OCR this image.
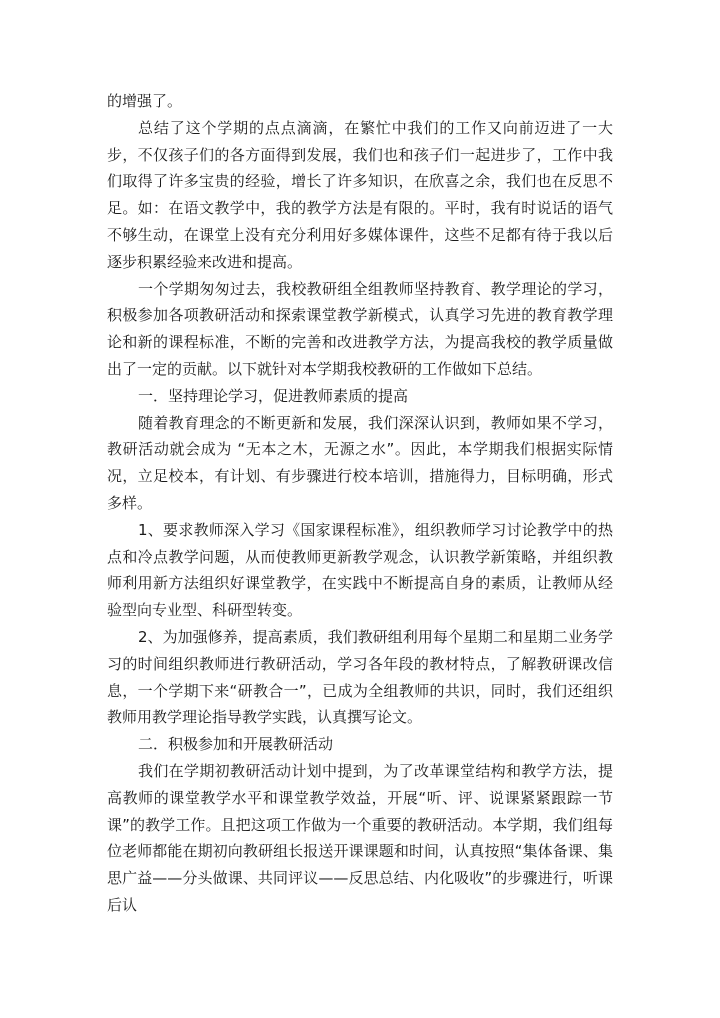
的增强了。

总结了这个学期的点点滴滴，在繁忙中我们的工作又向前迈进了一大步，不仅孩子们的各方面得到发展，我们也和孩子们一起进步了，工作中我们取得了许多宝贵的经验，增长了许多知识，在欣喜之余，我们也在反思不足。如：在语文教学中，我的教学方法是有限的。平时，我有时说话的语气不够生动，在课堂上没有充分利用好多媒体课件，这些不足都有待于我以后逐步积累经验来改进和提高。

一个学期匆匆过去，我校教研组全组教师坚持教育、教学理论的学习，积极参加各项教研活动和探索课堂教学新模式，认真学习先进的教育教学理论和新的课程标准，不断的完善和改进教学方法，为提高我校的教学质量做出了一定的贡献。以下就针对本学期我校教研的工作做如下总结。

一．坚持理论学习，促进教师素质的提高

随着教育理念的不断更新和发展，我们深深认识到，教师如果不学习，教研活动就会成为 “无本之木，无源之水”。因此，本学期我们根据实际情况，立足校本，有计划、有步骤进行校本培训，措施得力，目标明确，形式多样。

1、要求教师深入学习《国家课程标准》，组织教师学习讨论教学中的热点和冷点教学问题，从而使教师更新教学观念，认识教学新策略，并组织教师利用新方法组织好课堂教学，在实践中不断提高自身的素质，让教师从经验型向专业型、科研型转变。

2、为加强修养，提高素质，我们教研组利用每个星期二和星期二业务学习的时间组织教师进行教研活动，学习各年段的教材特点，了解教研课改信息，一个学期下来“研教合一”，已成为全组教师的共识，同时，我们还组织教师用教学理论指导教学实践，认真撰写论文。

二．积极参加和开展教研活动

我们在学期初教研活动计划中提到，为了改革课堂结构和教学方法，提高教师的课堂教学水平和课堂教学效益，开展“听、评、说课紧紧跟踪一节课”的教学工作。且把这项工作做为一个重要的教研活动。本学期，我们组每位老师都能在期初向教研组长报送开课课题和时间，认真按照“集体备课、集思广益——分头做课、共同评议——反思总结、内化吸收”的步骤进行，听课后认
